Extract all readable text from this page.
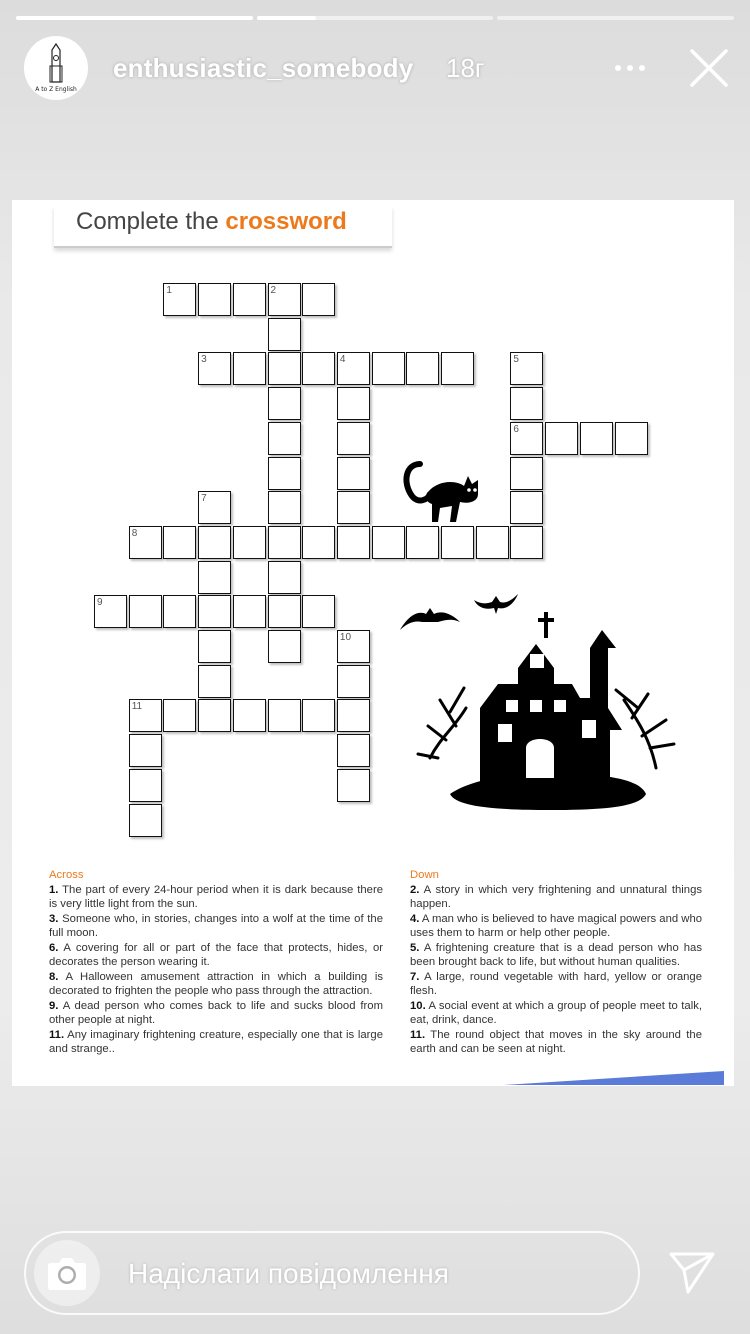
A to Z English
enthusiastic_somebody 18г
Complete the crossword
1	2
3	4	5
6
7
8
9
10
11
Across
1. The part of every 24-hour period when it is dark because there is very little light from the sun.
3. Someone who, in stories, changes into a wolf at the time of the full moon.
6. A covering for all or part of the face that protects, hides, or decorates the person wearing it.
8. A Halloween amusement attraction in which a building is decorated to frighten the people who pass through the attraction.
9. A dead person who comes back to life and sucks blood from other people at night.
11. Any imaginary frightening creature, especially one that is large and strange..
Down
2. A story in which very frightening and unnatural things happen.
4. A man who is believed to have magical powers and who uses them to harm or help other people.
5. A frightening creature that is a dead person who has been brought back to life, but without human qualities.
7. A large, round vegetable with hard, yellow or orange flesh.
10. A social event at which a group of people meet to talk, eat, drink, dance.
11. The round object that moves in the sky around the earth and can be seen at night.
Надіслати повідомлення
